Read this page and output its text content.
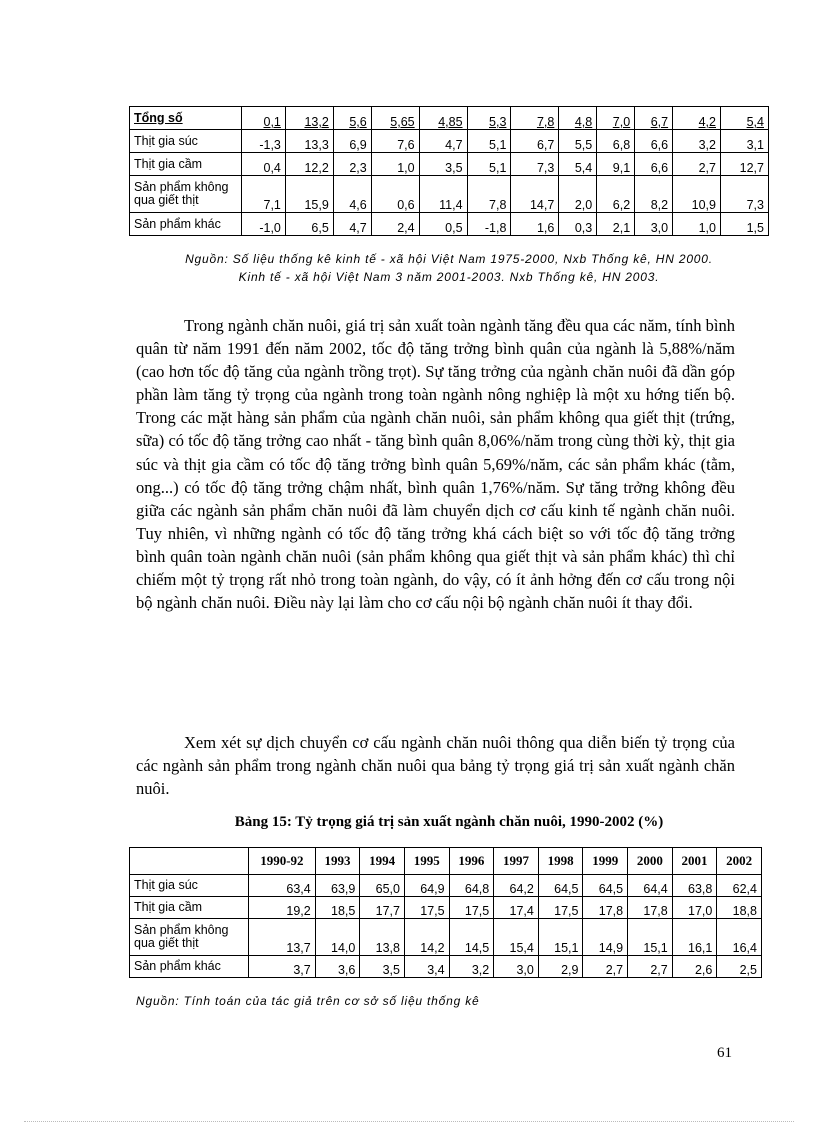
Tổng số	0,1	13,2	5,6	5,65	4,85	5,3	7,8	4,8	7,0	6,7	4,2	5,4
Thịt gia súc	-1,3	13,3	6,9	7,6	4,7	5,1	6,7	5,5	6,8	6,6	3,2	3,1
Thịt gia cầm	0,4	12,2	2,3	1,0	3,5	5,1	7,3	5,4	9,1	6,6	2,7	12,7
Sản phẩm không qua giết thịt	7,1	15,9	4,6	0,6	11,4	7,8	14,7	2,0	6,2	8,2	10,9	7,3
Sản phẩm khác	-1,0	6,5	4,7	2,4	0,5	-1,8	1,6	0,3	2,1	3,0	1,0	1,5
Nguồn: Số liệu thống kê kinh tế - xã hội Việt Nam 1975-2000, Nxb Thống kê, HN 2000.
Kinh tế - xã hội Việt Nam 3 năm 2001-2003. Nxb Thống kê, HN 2003.

Trong ngành chăn nuôi, giá trị sản xuất toàn ngành tăng đều qua các năm, tính bình quân từ năm 1991 đến năm 2002, tốc độ tăng trởng bình quân của ngành là 5,88%/năm (cao hơn tốc độ tăng của ngành trồng trọt). Sự tăng trởng của ngành chăn nuôi đã dần góp phần làm tăng tỷ trọng của ngành trong toàn ngành nông nghiệp là một xu hớng tiến bộ. Trong các mặt hàng sản phẩm của ngành chăn nuôi, sản phẩm không qua giết thịt (trứng, sữa) có tốc độ tăng trởng cao nhất - tăng bình quân 8,06%/năm trong cùng thời kỳ, thịt gia súc và thịt gia cầm có tốc độ tăng trởng bình quân 5,69%/năm, các sản phẩm khác (tằm, ong...) có tốc độ tăng trởng chậm nhất, bình quân 1,76%/năm. Sự tăng trởng không đều giữa các ngành sản phẩm chăn nuôi đã làm chuyển dịch cơ cấu kinh tế ngành chăn nuôi. Tuy nhiên, vì những ngành có tốc độ tăng trởng khá cách biệt so với tốc độ tăng trởng bình quân toàn ngành chăn nuôi (sản phẩm không qua giết thịt và sản phẩm khác) thì chỉ chiếm một tỷ trọng rất nhỏ trong toàn ngành, do vậy, có ít ảnh hởng đến cơ cấu trong nội bộ ngành chăn nuôi. Điều này lại làm cho cơ cấu nội bộ ngành chăn nuôi ít thay đổi.

Xem xét sự dịch chuyển cơ cấu ngành chăn nuôi thông qua diễn biến tỷ trọng của các ngành sản phẩm trong ngành chăn nuôi qua bảng tỷ trọng giá trị sản xuất ngành chăn nuôi.

Bảng 15: Tỷ trọng giá trị sản xuất ngành chăn nuôi, 1990-2002 (%)
	1990-92	1993	1994	1995	1996	1997	1998	1999	2000	2001	2002
Thịt gia súc	63,4	63,9	65,0	64,9	64,8	64,2	64,5	64,5	64,4	63,8	62,4
Thịt gia cầm	19,2	18,5	17,7	17,5	17,5	17,4	17,5	17,8	17,8	17,0	18,8
Sản phẩm không qua giết thịt	13,7	14,0	13,8	14,2	14,5	15,4	15,1	14,9	15,1	16,1	16,4
Sản phẩm khác	3,7	3,6	3,5	3,4	3,2	3,0	2,9	2,7	2,7	2,6	2,5
Nguồn: Tính toán của tác giả trên cơ sở số liệu thống kê
61
